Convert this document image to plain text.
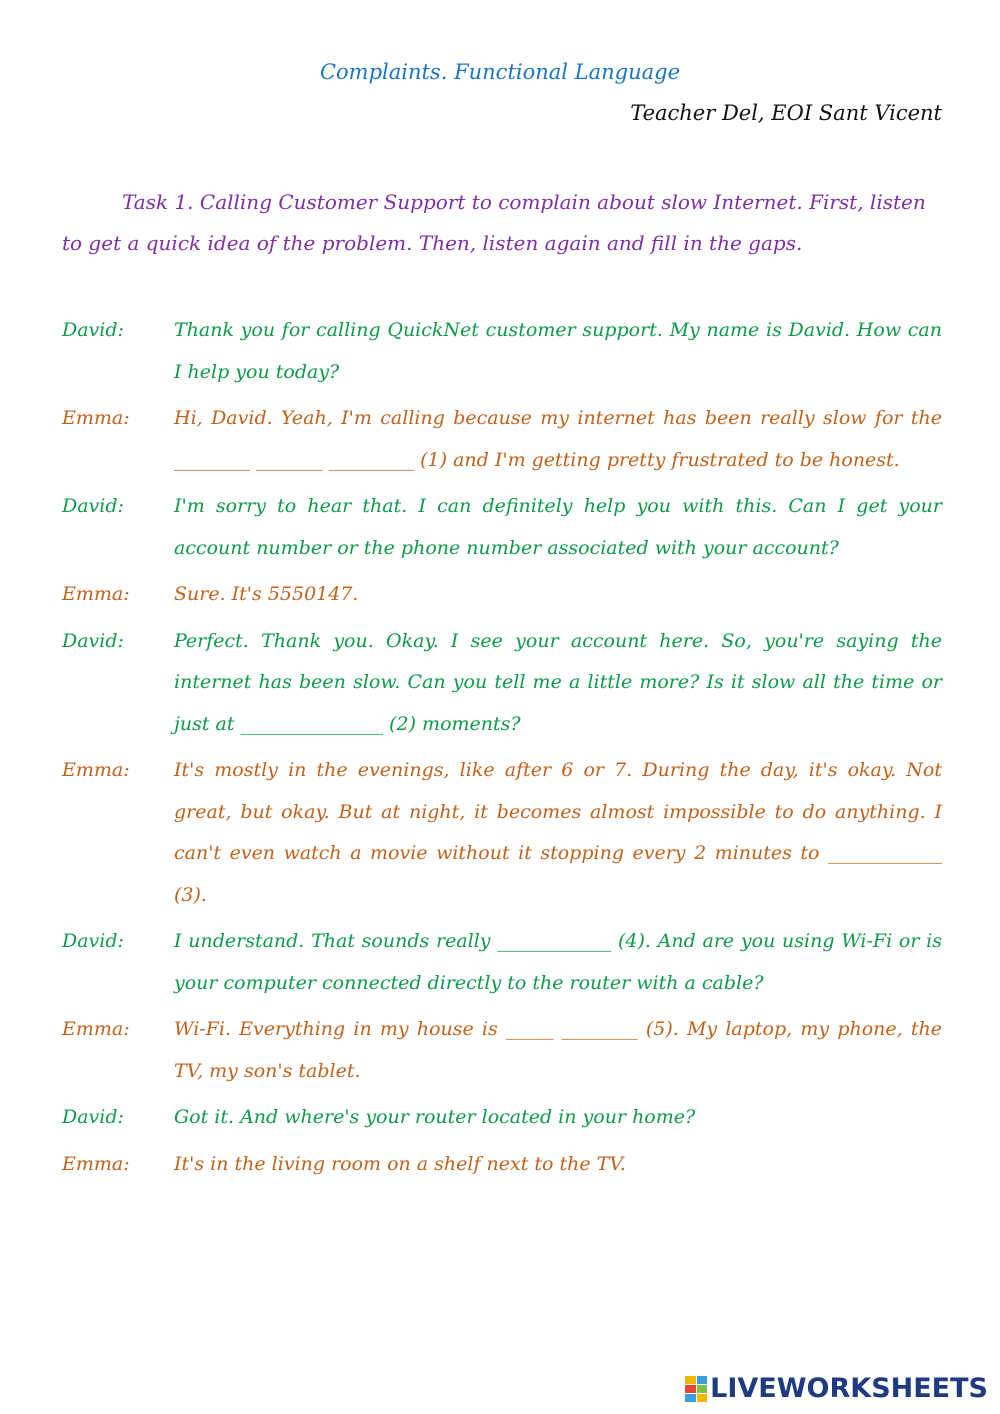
Complaints. Functional Language
Teacher Del, EOI Sant Vicent
Task 1. Calling Customer Support to complain about slow Internet. First, listen to get a quick idea of the problem. Then, listen again and fill in the gaps.
David:	Thank you for calling QuickNet customer support. My name is David. How can I help you today?
Emma:	Hi, David. Yeah, I'm calling because my internet has been really slow for the ________ _______ _________ (1) and I'm getting pretty frustrated to be honest.
David:	I'm sorry to hear that. I can definitely help you with this. Can I get your account number or the phone number associated with your account?
Emma:	Sure. It's 5550147.
David:	Perfect. Thank you. Okay. I see your account here. So, you're saying the internet has been slow. Can you tell me a little more? Is it slow all the time or just at _______________ (2) moments?
Emma:	It's mostly in the evenings, like after 6 or 7. During the day, it's okay. Not great, but okay. But at night, it becomes almost impossible to do anything. I can't even watch a movie without it stopping every 2 minutes to ____________ (3).
David:	I understand. That sounds really ____________ (4). And are you using Wi-Fi or is your computer connected directly to the router with a cable?
Emma:	Wi-Fi. Everything in my house is _____ ________ (5). My laptop, my phone, the TV, my son's tablet.
David:	Got it. And where's your router located in your home?
Emma:	It's in the living room on a shelf next to the TV.
LIVEWORKSHEETS
